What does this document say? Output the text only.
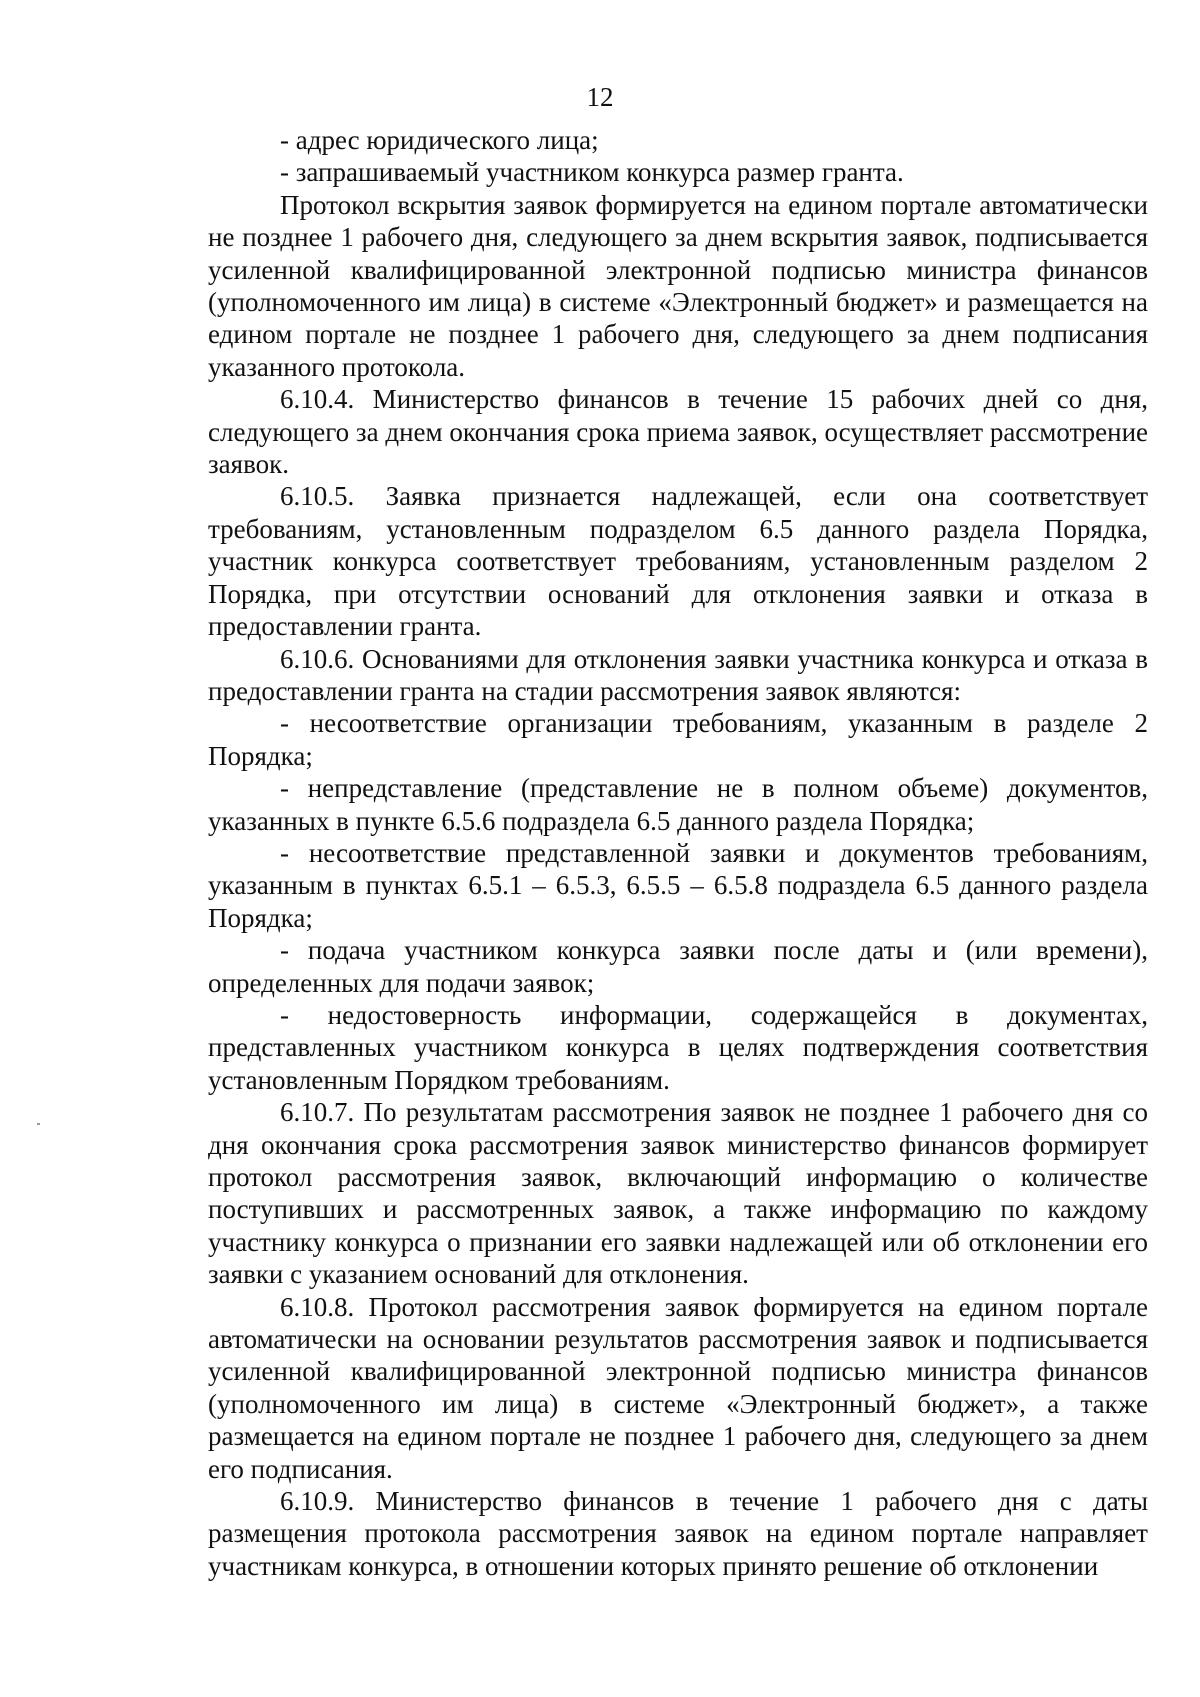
12

- адрес юридического лица;

- запрашиваемый участником конкурса размер гранта.

Протокол вскрытия заявок формируется на едином портале автоматически не позднее 1 рабочего дня, следующего за днем вскрытия заявок, подписывается усиленной квалифицированной электронной подписью министра финансов (уполномоченного им лица) в системе «Электронный бюджет» и размещается на едином портале не позднее 1 рабочего дня, следующего за днем подписания указанного протокола.

6.10.4. Министерство финансов в течение 15 рабочих дней со дня, следующего за днем окончания срока приема заявок, осуществляет рассмотрение заявок.

6.10.5. Заявка признается надлежащей, если она соответствует требованиям, установленным подразделом 6.5 данного раздела Порядка, участник конкурса соответствует требованиям, установленным разделом 2 Порядка, при отсутствии оснований для отклонения заявки и отказа в предоставлении гранта.

6.10.6. Основаниями для отклонения заявки участника конкурса и отказа в предоставлении гранта на стадии рассмотрения заявок являются:

- несоответствие организации требованиям, указанным в разделе 2 Порядка;

- непредставление (представление не в полном объеме) документов, указанных в пункте 6.5.6 подраздела 6.5 данного раздела Порядка;

- несоответствие представленной заявки и документов требованиям, указанным в пунктах 6.5.1 – 6.5.3, 6.5.5 – 6.5.8 подраздела 6.5 данного раздела Порядка;

- подача участником конкурса заявки после даты и (или времени), определенных для подачи заявок;

- недостоверность информации, содержащейся в документах, представленных участником конкурса в целях подтверждения соответствия установленным Порядком требованиям.

6.10.7. По результатам рассмотрения заявок не позднее 1 рабочего дня со дня окончания срока рассмотрения заявок министерство финансов формирует протокол рассмотрения заявок, включающий информацию о количестве поступивших и рассмотренных заявок, а также информацию по каждому участнику конкурса о признании его заявки надлежащей или об отклонении его заявки с указанием оснований для отклонения.

6.10.8. Протокол рассмотрения заявок формируется на едином портале автоматически на основании результатов рассмотрения заявок и подписывается усиленной квалифицированной электронной подписью министра финансов (уполномоченного им лица) в системе «Электронный бюджет», а также размещается на едином портале не позднее 1 рабочего дня, следующего за днем его подписания.

6.10.9. Министерство финансов в течение 1 рабочего дня с даты размещения протокола рассмотрения заявок на едином портале направляет участникам конкурса, в отношении которых принято решение об отклонении
